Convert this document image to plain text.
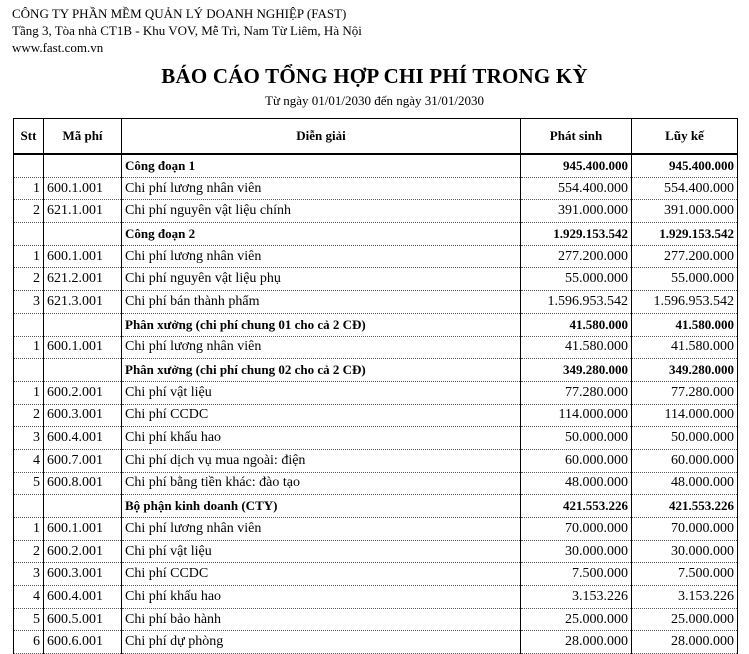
CÔNG TY PHẦN MỀM QUẢN LÝ DOANH NGHIỆP (FAST)
Tầng 3, Tòa nhà CT1B - Khu VOV, Mễ Trì, Nam Từ Liêm, Hà Nội
www.fast.com.vn
BÁO CÁO TỔNG HỢP CHI PHÍ TRONG KỲ
Từ ngày 01/01/2030 đến ngày 31/01/2030
Stt	Mã phí	Diễn giải	Phát sinh	Lũy kế
		Công đoạn 1	945.400.000	945.400.000
1	600.1.001	Chi phí lương nhân viên	554.400.000	554.400.000
2	621.1.001	Chi phí nguyên vật liệu chính	391.000.000	391.000.000
		Công đoạn 2	1.929.153.542	1.929.153.542
1	600.1.001	Chi phí lương nhân viên	277.200.000	277.200.000
2	621.2.001	Chi phí nguyên vật liệu phụ	55.000.000	55.000.000
3	621.3.001	Chi phí bán thành phẩm	1.596.953.542	1.596.953.542
		Phân xưởng (chi phí chung 01 cho cả 2 CĐ)	41.580.000	41.580.000
1	600.1.001	Chi phí lương nhân viên	41.580.000	41.580.000
		Phân xưởng (chi phí chung 02 cho cả 2 CĐ)	349.280.000	349.280.000
1	600.2.001	Chi phí vật liệu	77.280.000	77.280.000
2	600.3.001	Chi phí CCDC	114.000.000	114.000.000
3	600.4.001	Chi phí khấu hao	50.000.000	50.000.000
4	600.7.001	Chi phí dịch vụ mua ngoài: điện	60.000.000	60.000.000
5	600.8.001	Chi phí bằng tiền khác: đào tạo	48.000.000	48.000.000
		Bộ phận kinh doanh (CTY)	421.553.226	421.553.226
1	600.1.001	Chi phí lương nhân viên	70.000.000	70.000.000
2	600.2.001	Chi phí vật liệu	30.000.000	30.000.000
3	600.3.001	Chi phí CCDC	7.500.000	7.500.000
4	600.4.001	Chi phí khấu hao	3.153.226	3.153.226
5	600.5.001	Chi phí bảo hành	25.000.000	25.000.000
6	600.6.001	Chi phí dự phòng	28.000.000	28.000.000
